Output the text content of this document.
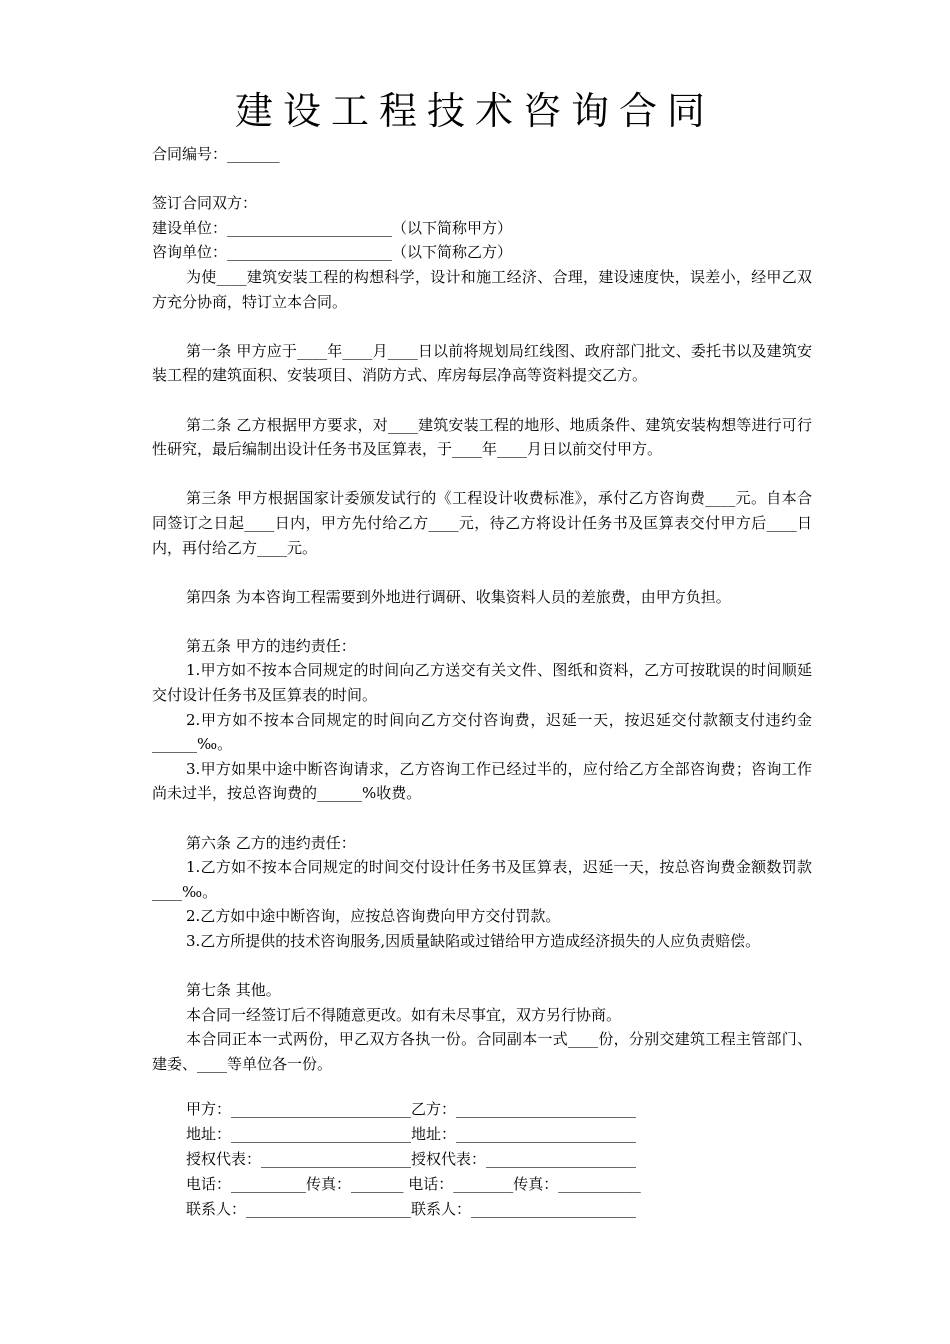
建设工程技术咨询合同
合同编号：_______
签订合同双方：
建设单位：______________________（以下简称甲方）
咨询单位：______________________（以下简称乙方）
为使____建筑安装工程的构想科学，设计和施工经济、合理，建设速度快，误差小，经甲乙双方充分协商，特订立本合同。
第一条 甲方应于____年____月____日以前将规划局红线图、政府部门批文、委托书以及建筑安装工程的建筑面积、安装项目、消防方式、库房每层净高等资料提交乙方。
第二条 乙方根据甲方要求，对____建筑安装工程的地形、地质条件、建筑安装构想等进行可行性研究，最后编制出设计任务书及匡算表，于____年____月日以前交付甲方。
第三条 甲方根据国家计委颁发试行的《工程设计收费标准》，承付乙方咨询费____元。自本合同签订之日起____日内，甲方先付给乙方____元，待乙方将设计任务书及匡算表交付甲方后____日内，再付给乙方____元。
第四条 为本咨询工程需要到外地进行调研、收集资料人员的差旅费，由甲方负担。
第五条 甲方的违约责任：
1.甲方如不按本合同规定的时间向乙方送交有关文件、图纸和资料，乙方可按耽误的时间顺延交付设计任务书及匡算表的时间。
2.甲方如不按本合同规定的时间向乙方交付咨询费，迟延一天，按迟延交付款额支付违约金______‰。
3.甲方如果中途中断咨询请求，乙方咨询工作已经过半的，应付给乙方全部咨询费；咨询工作尚未过半，按总咨询费的______%收费。
第六条 乙方的违约责任：
1.乙方如不按本合同规定的时间交付设计任务书及匡算表，迟延一天，按总咨询费金额数罚款____‰。
2.乙方如中途中断咨询，应按总咨询费向甲方交付罚款。
3.乙方所提供的技术咨询服务,因质量缺陷或过错给甲方造成经济损失的人应负责赔偿。
第七条 其他。
本合同一经签订后不得随意更改。如有未尽事宜，双方另行协商。
本合同正本一式两份，甲乙双方各执一份。合同副本一式____份，分别交建筑工程主管部门、建委、____等单位各一份。
甲方：________________________乙方：________________________
地址：________________________地址：________________________
授权代表：____________________授权代表：____________________
电话：__________传真：_______ 电话：________传真：___________
联系人：______________________联系人：______________________
